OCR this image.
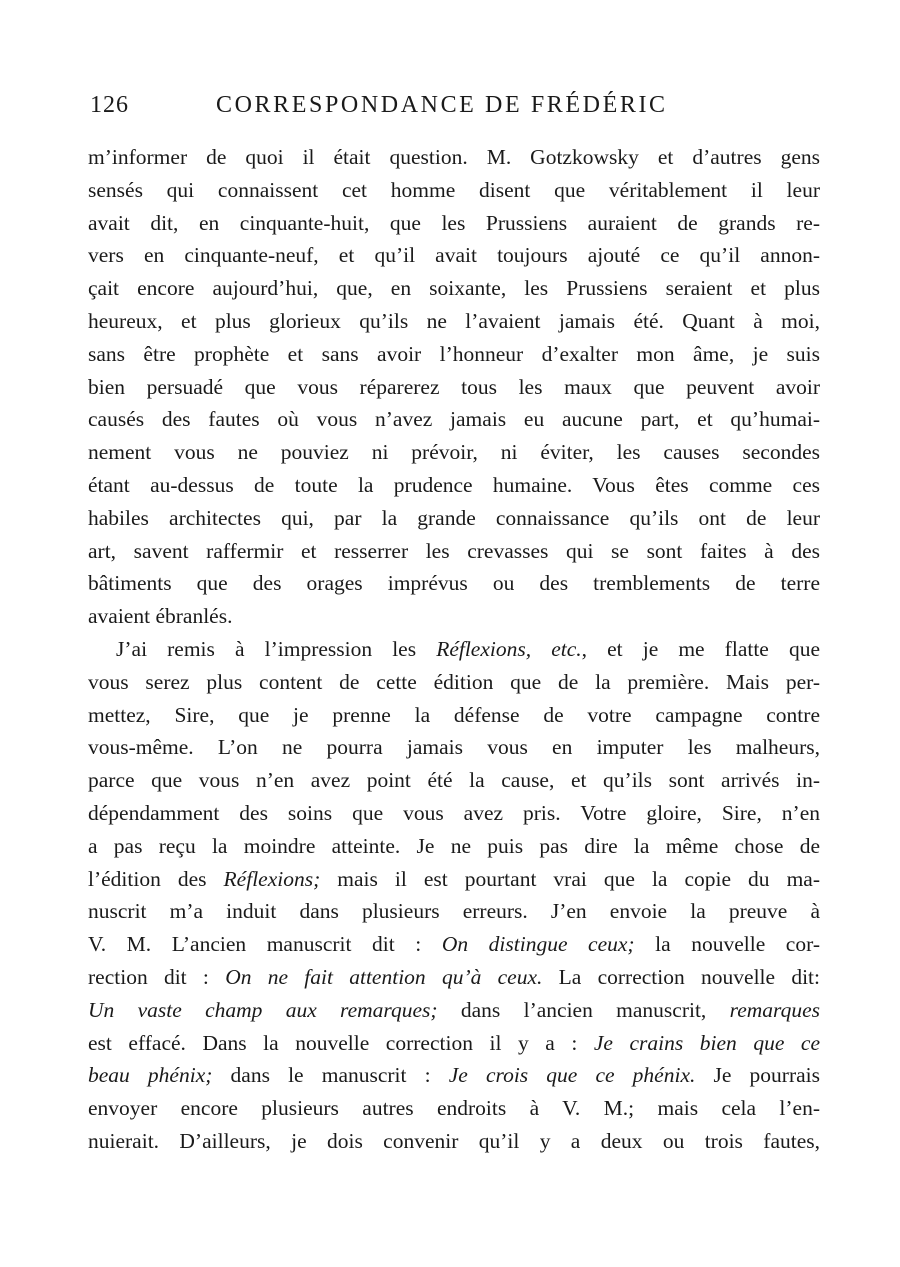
126	CORRESPONDANCE DE FRÉDÉRIC
m’informer de quoi il était question. M. Gotzkowsky et d’autres gens
sensés qui connaissent cet homme disent que véritablement il leur
avait dit, en cinquante-huit, que les Prussiens auraient de grands re-
vers en cinquante-neuf, et qu’il avait toujours ajouté ce qu’il annon-
çait encore aujourd’hui, que, en soixante, les Prussiens seraient et plus
heureux, et plus glorieux qu’ils ne l’avaient jamais été. Quant à moi,
sans être prophète et sans avoir l’honneur d’exalter mon âme, je suis
bien persuadé que vous réparerez tous les maux que peuvent avoir
causés des fautes où vous n’avez jamais eu aucune part, et qu’humai-
nement vous ne pouviez ni prévoir, ni éviter, les causes secondes
étant au-dessus de toute la prudence humaine. Vous êtes comme ces
habiles architectes qui, par la grande connaissance qu’ils ont de leur
art, savent raffermir et resserrer les crevasses qui se sont faites à des
bâtiments que des orages imprévus ou des tremblements de terre
avaient ébranlés.
J’ai remis à l’impression les Réflexions, etc., et je me flatte que
vous serez plus content de cette édition que de la première. Mais per-
mettez, Sire, que je prenne la défense de votre campagne contre
vous-même. L’on ne pourra jamais vous en imputer les malheurs,
parce que vous n’en avez point été la cause, et qu’ils sont arrivés in-
dépendamment des soins que vous avez pris. Votre gloire, Sire, n’en
a pas reçu la moindre atteinte. Je ne puis pas dire la même chose de
l’édition des Réflexions; mais il est pourtant vrai que la copie du ma-
nuscrit m’a induit dans plusieurs erreurs. J’en envoie la preuve à
V. M. L’ancien manuscrit dit : On distingue ceux; la nouvelle cor-
rection dit : On ne fait attention qu’à ceux. La correction nouvelle dit:
Un vaste champ aux remarques; dans l’ancien manuscrit, remarques
est effacé. Dans la nouvelle correction il y a : Je crains bien que ce
beau phénix; dans le manuscrit : Je crois que ce phénix. Je pourrais
envoyer encore plusieurs autres endroits à V. M.; mais cela l’en-
nuierait. D’ailleurs, je dois convenir qu’il y a deux ou trois fautes,
